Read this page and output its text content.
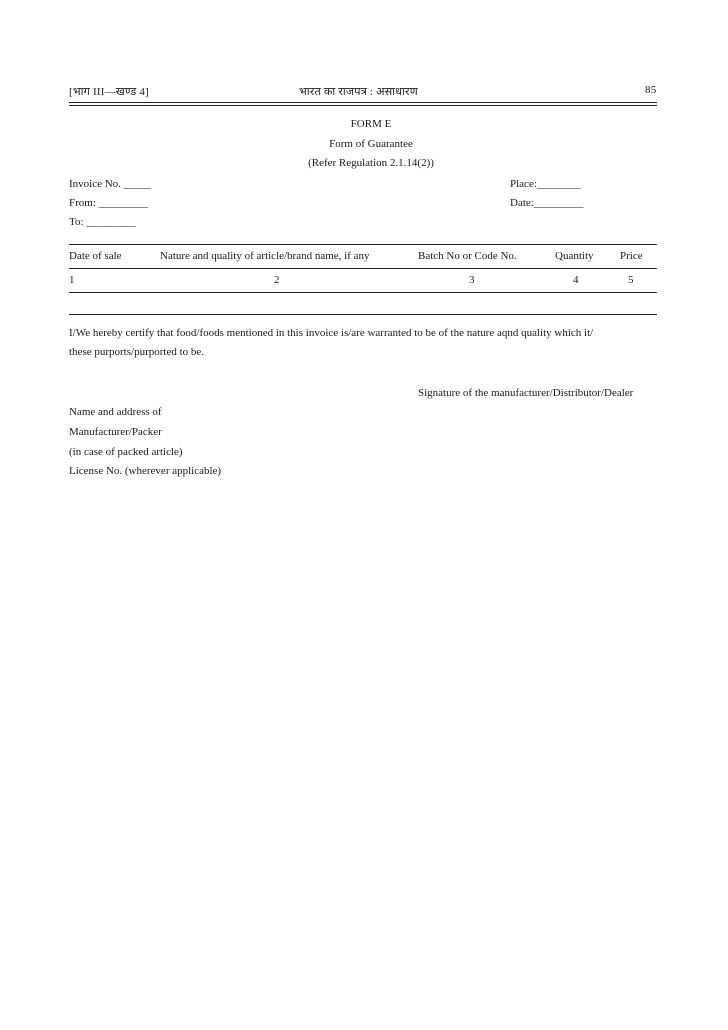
[भाग III—खण्ड 4]	भारत का राजपत्र : असाधारण	85
FORM E
Form of Guarantee
(Refer Regulation 2.1.14(2))
Invoice No. _____
From: _________
To: _________
Place:________
Date:_________
Date of sale	Nature and quality of article/brand name, if any	Batch No or Code No.	Quantity Price
1	2	3	4	5
I/We hereby certify that food/foods mentioned in this invoice is/are warranted to be of the nature aqnd quality which it/
these purports/purported to be.
Signature of the manufacturer/Distributor/Dealer
Name and address of
Manufacturer/Packer
(in case of packed article)
License No. (wherever applicable)
